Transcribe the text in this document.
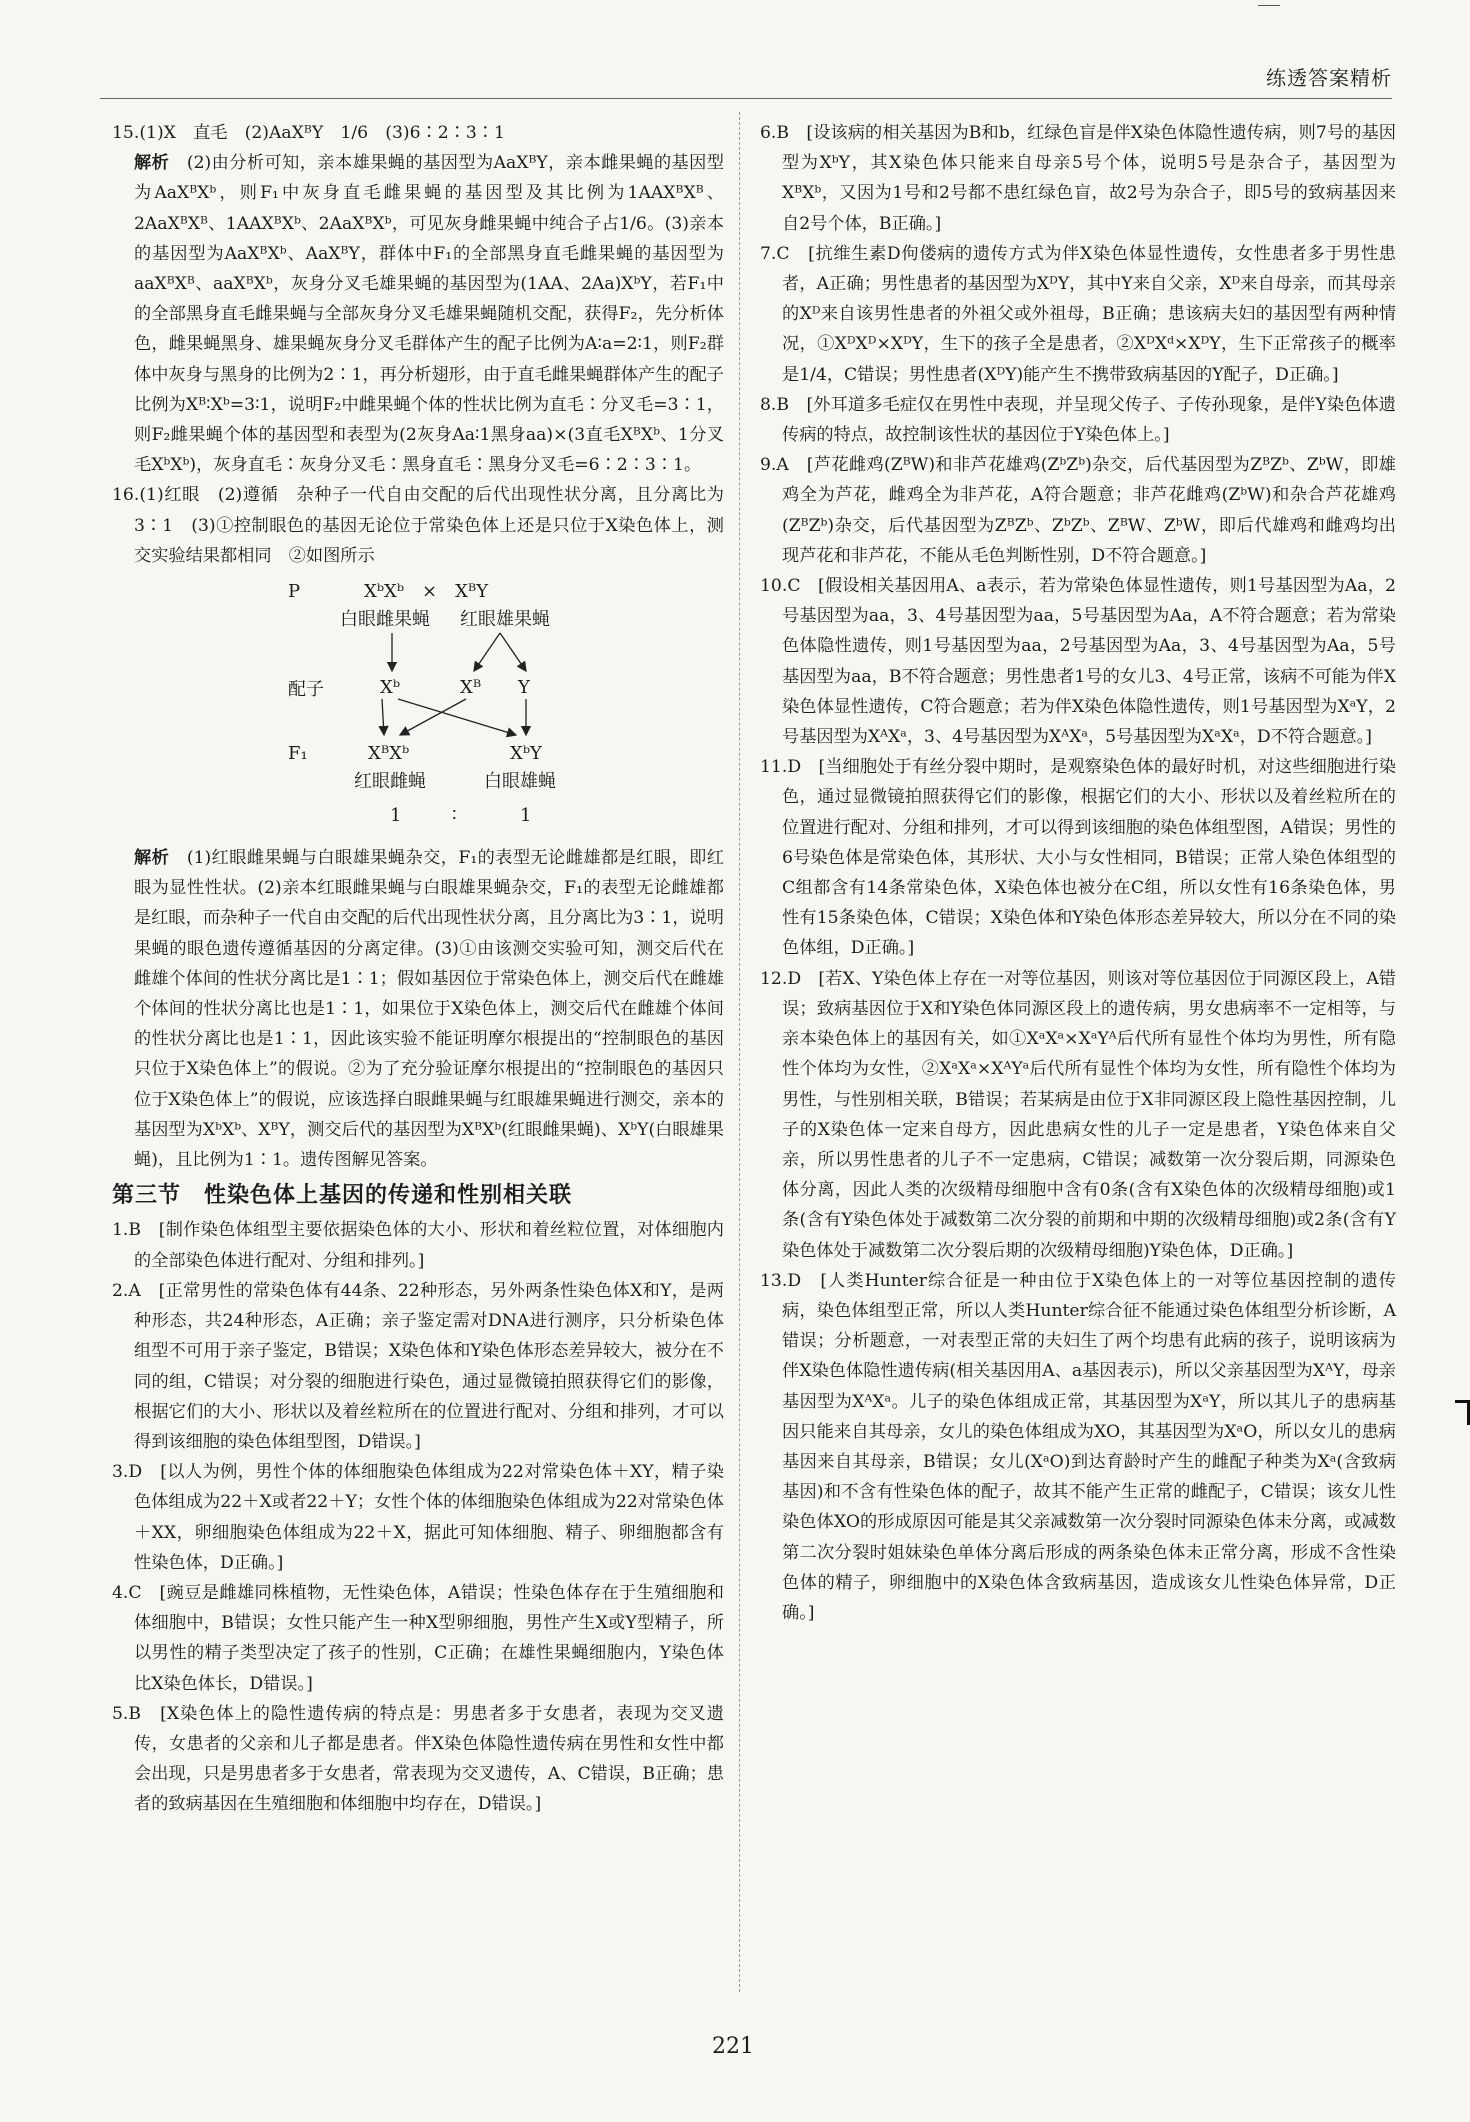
练透答案精析

15.(1)X　直毛　(2)AaXᴮY　1/6　(3)6∶2∶3∶1

解析　(2)由分析可知，亲本雄果蝇的基因型为AaXᴮY，亲本雌果蝇的基因型为AaXᴮXᵇ，则F₁中灰身直毛雌果蝇的基因型及其比例为1AAXᴮXᴮ、2AaXᴮXᴮ、1AAXᴮXᵇ、2AaXᴮXᵇ，可见灰身雌果蝇中纯合子占1/6。(3)亲本的基因型为AaXᴮXᵇ、AaXᴮY，群体中F₁的全部黑身直毛雌果蝇的基因型为aaXᴮXᴮ、aaXᴮXᵇ，灰身分叉毛雄果蝇的基因型为(1AA、2Aa)XᵇY，若F₁中的全部黑身直毛雌果蝇与全部灰身分叉毛雄果蝇随机交配，获得F₂，先分析体色，雌果蝇黑身、雄果蝇灰身分叉毛群体产生的配子比例为A∶a=2∶1，则F₂群体中灰身与黑身的比例为2∶1，再分析翅形，由于直毛雌果蝇群体产生的配子比例为Xᴮ∶Xᵇ=3∶1，说明F₂中雌果蝇个体的性状比例为直毛∶分叉毛=3∶1，则F₂雌果蝇个体的基因型和表型为(2灰身Aa∶1黑身aa)×(3直毛XᴮXᵇ、1分叉毛XᵇXᵇ)，灰身直毛∶灰身分叉毛∶黑身直毛∶黑身分叉毛=6∶2∶3∶1。

16.(1)红眼　(2)遵循　杂种子一代自由交配的后代出现性状分离，且分离比为3∶1　(3)①控制眼色的基因无论位于常染色体上还是只位于X染色体上，测交实验结果都相同　②如图所示

P	XᵇXᵇ　×　XᴮY
白眼雌果蝇 红眼雄果蝇
配子	Xᵇ	Xᴮ Y
F₁	XᴮXᵇ	XᵇY
红眼雌蝇	白眼雄蝇
1	∶	1

解析　(1)红眼雌果蝇与白眼雄果蝇杂交，F₁的表型无论雌雄都是红眼，即红眼为显性性状。(2)亲本红眼雌果蝇与白眼雄果蝇杂交，F₁的表型无论雌雄都是红眼，而杂种子一代自由交配的后代出现性状分离，且分离比为3∶1，说明果蝇的眼色遗传遵循基因的分离定律。(3)①由该测交实验可知，测交后代在雌雄个体间的性状分离比是1∶1；假如基因位于常染色体上，测交后代在雌雄个体间的性状分离比也是1∶1，如果位于X染色体上，测交后代在雌雄个体间的性状分离比也是1∶1，因此该实验不能证明摩尔根提出的“控制眼色的基因只位于X染色体上”的假说。②为了充分验证摩尔根提出的“控制眼色的基因只位于X染色体上”的假说，应该选择白眼雌果蝇与红眼雄果蝇进行测交，亲本的基因型为XᵇXᵇ、XᴮY，测交后代的基因型为XᴮXᵇ(红眼雌果蝇)、XᵇY(白眼雄果蝇)，且比例为1∶1。遗传图解见答案。

第三节　性染色体上基因的传递和性别相关联

1.B　[制作染色体组型主要依据染色体的大小、形状和着丝粒位置，对体细胞内的全部染色体进行配对、分组和排列。]

2.A　[正常男性的常染色体有44条、22种形态，另外两条性染色体X和Y，是两种形态，共24种形态，A正确；亲子鉴定需对DNA进行测序，只分析染色体组型不可用于亲子鉴定，B错误；X染色体和Y染色体形态差异较大，被分在不同的组，C错误；对分裂的细胞进行染色，通过显微镜拍照获得它们的影像，根据它们的大小、形状以及着丝粒所在的位置进行配对、分组和排列，才可以得到该细胞的染色体组型图，D错误。]

3.D　[以人为例，男性个体的体细胞染色体组成为22对常染色体＋XY，精子染色体组成为22＋X或者22＋Y；女性个体的体细胞染色体组成为22对常染色体＋XX，卵细胞染色体组成为22＋X，据此可知体细胞、精子、卵细胞都含有性染色体，D正确。]

4.C　[豌豆是雌雄同株植物，无性染色体，A错误；性染色体存在于生殖细胞和体细胞中，B错误；女性只能产生一种X型卵细胞，男性产生X或Y型精子，所以男性的精子类型决定了孩子的性别，C正确；在雄性果蝇细胞内，Y染色体比X染色体长，D错误。]

5.B　[X染色体上的隐性遗传病的特点是：男患者多于女患者，表现为交叉遗传，女患者的父亲和儿子都是患者。伴X染色体隐性遗传病在男性和女性中都会出现，只是男患者多于女患者，常表现为交叉遗传，A、C错误，B正确；患者的致病基因在生殖细胞和体细胞中均存在，D错误。]

6.B　[设该病的相关基因为B和b，红绿色盲是伴X染色体隐性遗传病，则7号的基因型为XᵇY，其X染色体只能来自母亲5号个体，说明5号是杂合子，基因型为XᴮXᵇ，又因为1号和2号都不患红绿色盲，故2号为杂合子，即5号的致病基因来自2号个体，B正确。]

7.C　[抗维生素D佝偻病的遗传方式为伴X染色体显性遗传，女性患者多于男性患者，A正确；男性患者的基因型为XᴰY，其中Y来自父亲，Xᴰ来自母亲，而其母亲的Xᴰ来自该男性患者的外祖父或外祖母，B正确；患该病夫妇的基因型有两种情况，①XᴰXᴰ×XᴰY，生下的孩子全是患者，②XᴰXᵈ×XᴰY，生下正常孩子的概率是1/4，C错误；男性患者(XᴰY)能产生不携带致病基因的Y配子，D正确。]

8.B　[外耳道多毛症仅在男性中表现，并呈现父传子、子传孙现象，是伴Y染色体遗传病的特点，故控制该性状的基因位于Y染色体上。]

9.A　[芦花雌鸡(ZᴮW)和非芦花雄鸡(ZᵇZᵇ)杂交，后代基因型为ZᴮZᵇ、ZᵇW，即雄鸡全为芦花，雌鸡全为非芦花，A符合题意；非芦花雌鸡(ZᵇW)和杂合芦花雄鸡(ZᴮZᵇ)杂交，后代基因型为ZᴮZᵇ、ZᵇZᵇ、ZᴮW、ZᵇW，即后代雄鸡和雌鸡均出现芦花和非芦花，不能从毛色判断性别，D不符合题意。]

10.C　[假设相关基因用A、a表示，若为常染色体显性遗传，则1号基因型为Aa，2号基因型为aa，3、4号基因型为aa，5号基因型为Aa，A不符合题意；若为常染色体隐性遗传，则1号基因型为aa，2号基因型为Aa，3、4号基因型为Aa，5号基因型为aa，B不符合题意；男性患者1号的女儿3、4号正常，该病不可能为伴X染色体显性遗传，C符合题意；若为伴X染色体隐性遗传，则1号基因型为XᵃY，2号基因型为XᴬXᵃ，3、4号基因型为XᴬXᵃ，5号基因型为XᵃXᵃ，D不符合题意。]

11.D　[当细胞处于有丝分裂中期时，是观察染色体的最好时机，对这些细胞进行染色，通过显微镜拍照获得它们的影像，根据它们的大小、形状以及着丝粒所在的位置进行配对、分组和排列，才可以得到该细胞的染色体组型图，A错误；男性的6号染色体是常染色体，其形状、大小与女性相同，B错误；正常人染色体组型的C组都含有14条常染色体，X染色体也被分在C组，所以女性有16条染色体，男性有15条染色体，C错误；X染色体和Y染色体形态差异较大，所以分在不同的染色体组，D正确。]

12.D　[若X、Y染色体上存在一对等位基因，则该对等位基因位于同源区段上，A错误；致病基因位于X和Y染色体同源区段上的遗传病，男女患病率不一定相等，与亲本染色体上的基因有关，如①XᵃXᵃ×XᵃYᴬ后代所有显性个体均为男性，所有隐性个体均为女性，②XᵃXᵃ×XᴬYᵃ后代所有显性个体均为女性，所有隐性个体均为男性，与性别相关联，B错误；若某病是由位于X非同源区段上隐性基因控制，儿子的X染色体一定来自母方，因此患病女性的儿子一定是患者，Y染色体来自父亲，所以男性患者的儿子不一定患病，C错误；减数第一次分裂后期，同源染色体分离，因此人类的次级精母细胞中含有0条(含有X染色体的次级精母细胞)或1条(含有Y染色体处于减数第二次分裂的前期和中期的次级精母细胞)或2条(含有Y染色体处于减数第二次分裂后期的次级精母细胞)Y染色体，D正确。]

13.D　[人类Hunter综合征是一种由位于X染色体上的一对等位基因控制的遗传病，染色体组型正常，所以人类Hunter综合征不能通过染色体组型分析诊断，A错误；分析题意，一对表型正常的夫妇生了两个均患有此病的孩子，说明该病为伴X染色体隐性遗传病(相关基因用A、a基因表示)，所以父亲基因型为XᴬY，母亲基因型为XᴬXᵃ。儿子的染色体组成正常，其基因型为XᵃY，所以其儿子的患病基因只能来自其母亲，女儿的染色体组成为XO，其基因型为XᵃO，所以女儿的患病基因来自其母亲，B错误；女儿(XᵃO)到达育龄时产生的雌配子种类为Xᵃ(含致病基因)和不含有性染色体的配子，故其不能产生正常的雌配子，C错误；该女儿性染色体XO的形成原因可能是其父亲减数第一次分裂时同源染色体未分离，或减数第二次分裂时姐妹染色单体分离后形成的两条染色体未正常分离，形成不含性染色体的精子，卵细胞中的X染色体含致病基因，造成该女儿性染色体异常，D正确。]

221
